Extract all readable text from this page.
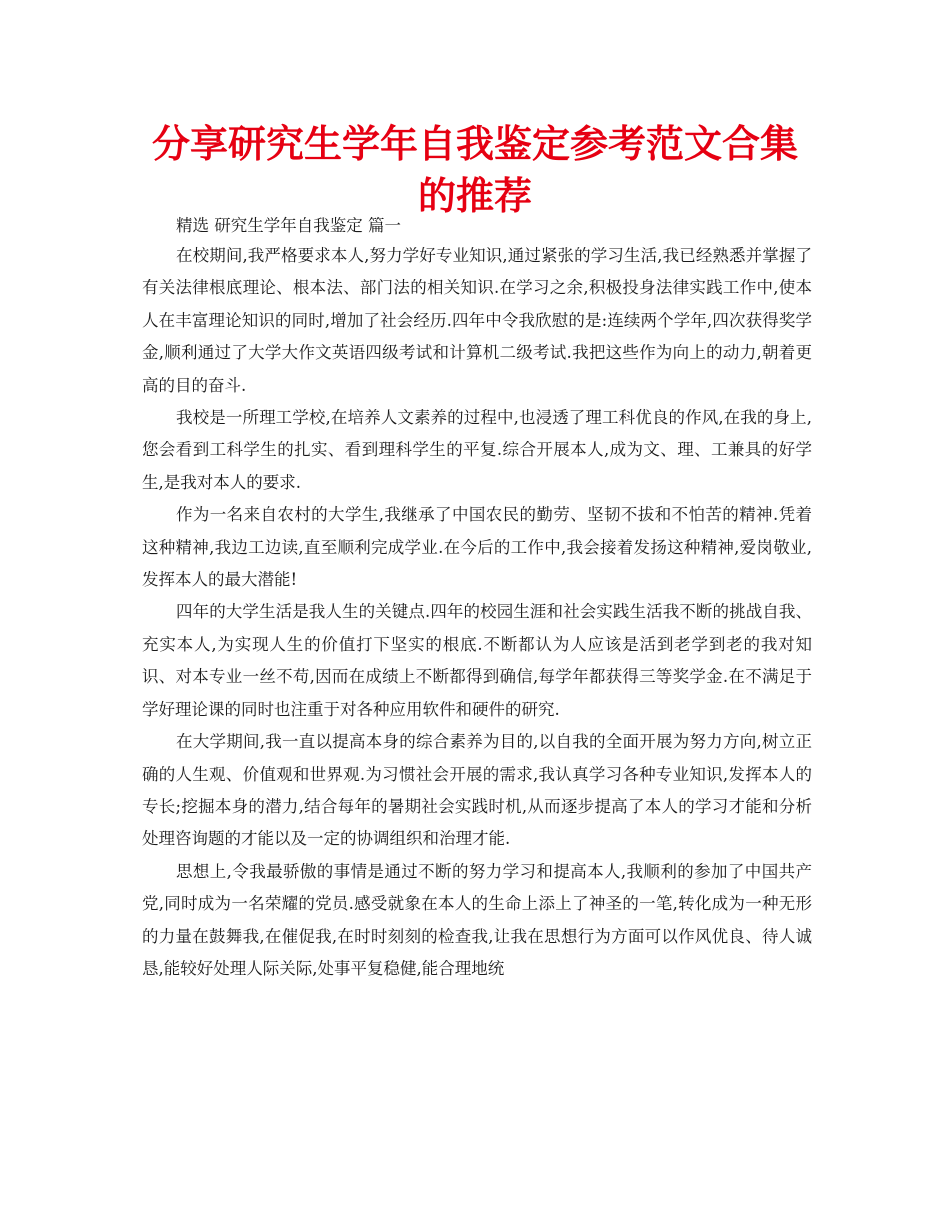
分享研究生学年自我鉴定参考范文合集的推荐
精选 研究生学年自我鉴定 篇一

在校期间,我严格要求本人,努力学好专业知识,通过紧张的学习生活,我已经熟悉并掌握了有关法律根底理论、根本法、部门法的相关知识.在学习之余,积极投身法律实践工作中,使本人在丰富理论知识的同时,增加了社会经历.四年中令我欣慰的是:连续两个学年,四次获得奖学金,顺利通过了大学大作文英语四级考试和计算机二级考试.我把这些作为向上的动力,朝着更高的目的奋斗.

我校是一所理工学校,在培养人文素养的过程中,也浸透了理工科优良的作风,在我的身上,您会看到工科学生的扎实、看到理科学生的平复.综合开展本人,成为文、理、工兼具的好学生,是我对本人的要求.

作为一名来自农村的大学生,我继承了中国农民的勤劳、坚韧不拔和不怕苦的精神.凭着这种精神,我边工边读,直至顺利完成学业.在今后的工作中,我会接着发扬这种精神,爱岗敬业,发挥本人的最大潜能!

四年的大学生活是我人生的关键点.四年的校园生涯和社会实践生活我不断的挑战自我、充实本人,为实现人生的价值打下坚实的根底.不断都认为人应该是活到老学到老的我对知识、对本专业一丝不苟,因而在成绩上不断都得到确信,每学年都获得三等奖学金.在不满足于学好理论课的同时也注重于对各种应用软件和硬件的研究.

在大学期间,我一直以提高本身的综合素养为目的,以自我的全面开展为努力方向,树立正确的人生观、价值观和世界观.为习惯社会开展的需求,我认真学习各种专业知识,发挥本人的专长;挖掘本身的潜力,结合每年的暑期社会实践时机,从而逐步提高了本人的学习才能和分析处理咨询题的才能以及一定的协调组织和治理才能.

思想上,令我最骄傲的事情是通过不断的努力学习和提高本人,我顺利的参加了中国共产党,同时成为一名荣耀的党员.感受就象在本人的生命上添上了神圣的一笔,转化成为一种无形的力量在鼓舞我,在催促我,在时时刻刻的检查我,让我在思想行为方面可以作风优良、待人诚恳,能较好处理人际关际,处事平复稳健,能合理地统
